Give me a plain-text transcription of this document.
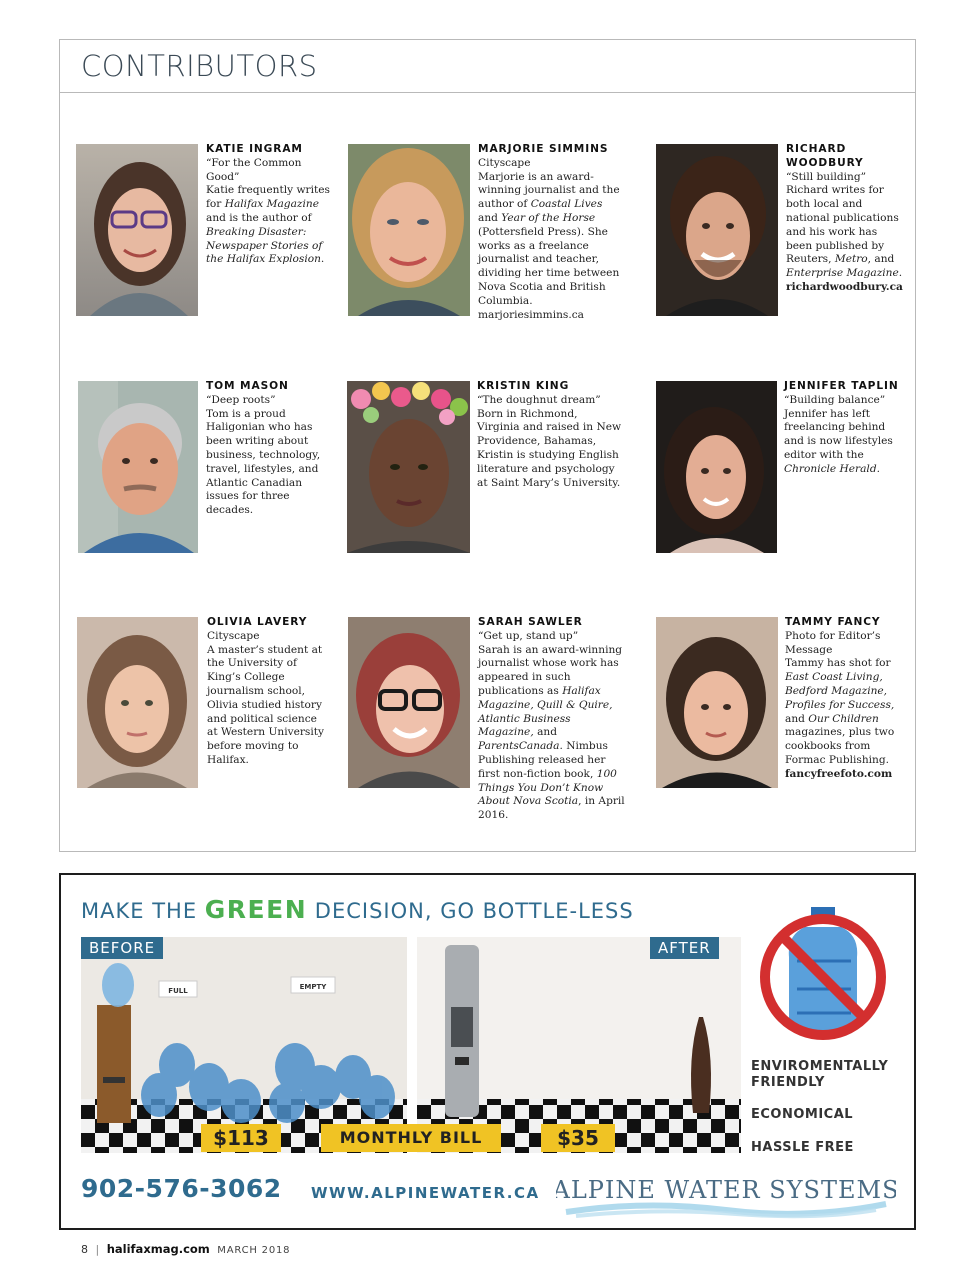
CONTRIBUTORS
KATIE INGRAM
“For the Common Good”
Katie frequently writes for Halifax Magazine and is the author of Breaking Disaster: Newspaper Stories of the Halifax Explosion.
MARJORIE SIMMINS
Cityscape
Marjorie is an award-winning journalist and the author of Coastal Lives and Year of the Horse (Pottersfield Press). She works as a freelance journalist and teacher, dividing her time between Nova Scotia and British Columbia. marjoriesimmins.ca
RICHARD WOODBURY
“Still building”
Richard writes for both local and national publications and his work has been published by Reuters, Metro, and Enterprise Magazine. richardwoodbury.ca
TOM MASON
“Deep roots”
Tom is a proud Haligonian who has been writing about business, technology, travel, lifestyles, and Atlantic Canadian issues for three decades.
KRISTIN KING
“The doughnut dream”
Born in Richmond, Virginia and raised in New Providence, Bahamas, Kristin is studying English literature and psychology at Saint Mary’s University.
JENNIFER TAPLIN
“Building balance”
Jennifer has left freelancing behind and is now lifestyles editor with the Chronicle Herald.
OLIVIA LAVERY
Cityscape
A master’s student at the University of King’s College journalism school, Olivia studied history and political science at Western University before moving to Halifax.
SARAH SAWLER
“Get up, stand up”
Sarah is an award-winning journalist whose work has appeared in such publications as Halifax Magazine, Quill & Quire, Atlantic Business Magazine, and ParentsCanada. Nimbus Publishing released her first non-fiction book, 100 Things You Don’t Know About Nova Scotia, in April 2016.
TAMMY FANCY
Photo for Editor’s Message
Tammy has shot for East Coast Living, Bedford Magazine, Profiles for Success, and Our Children magazines, plus two cookbooks from Formac Publishing. fancyfreefoto.com
MAKE THE GREEN DECISION, GO BOTTLE-LESS
FULL	EMPTY
BEFORE	AFTER
$113	MONTHLY BILL	$35
ENVIROMENTALLY FRIENDLY
ECONOMICAL
HASSLE FREE
902-576-3062 WWW.ALPINEWATER.CA ALPINE WATER SYSTEMS
8 | halifaxmag.com MARCH 2018
